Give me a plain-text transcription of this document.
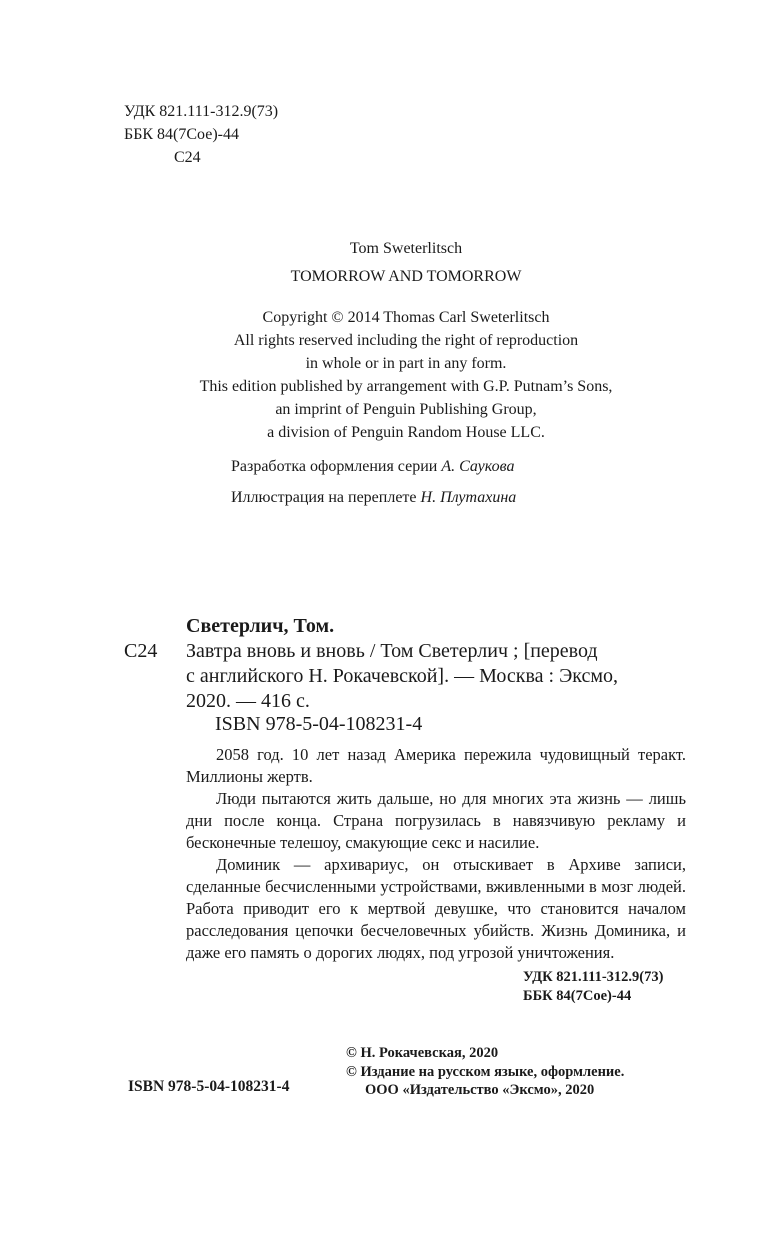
УДК 821.111-312.9(73)
ББК 84(7Сое)-44
С24
Tom Sweterlitsch
TOMORROW AND TOMORROW
Copyright © 2014 Thomas Carl Sweterlitsch
All rights reserved including the right of reproduction
in whole or in part in any form.
This edition published by arrangement with G.P. Putnam’s Sons,
an imprint of Penguin Publishing Group,
a division of Penguin Random House LLC.
Разработка оформления серии А. Саукова
Иллюстрация на переплете Н. Плутахина
Светерлич, Том.
С24 Завтра вновь и вновь / Том Светерлич ; [перевод
с английского Н. Рокачевской]. — Москва : Эксмо,
2020. — 416 с.
ISBN 978-5-04-108231-4

2058 год. 10 лет назад Америка пережила чудовищный теракт. Миллионы жертв.

Люди пытаются жить дальше, но для многих эта жизнь — лишь дни после конца. Страна погрузилась в навязчивую рекламу и бесконечные телешоу, смакующие секс и насилие.

Доминик — архивариус, он отыскивает в Архиве записи, сделанные бесчисленными устройствами, вживленными в мозг людей. Работа приводит его к мертвой девушке, что становится началом расследования цепочки бесчеловечных убийств. Жизнь Доминика, и даже его память о дорогих людях, под угрозой уничтожения.

УДК 821.111-312.9(73)
ББК 84(7Сое)-44
ISBN 978-5-04-108231-4
© Н. Рокачевская, 2020
© Издание на русском языке, оформление.
ООО «Издательство «Эксмо», 2020
